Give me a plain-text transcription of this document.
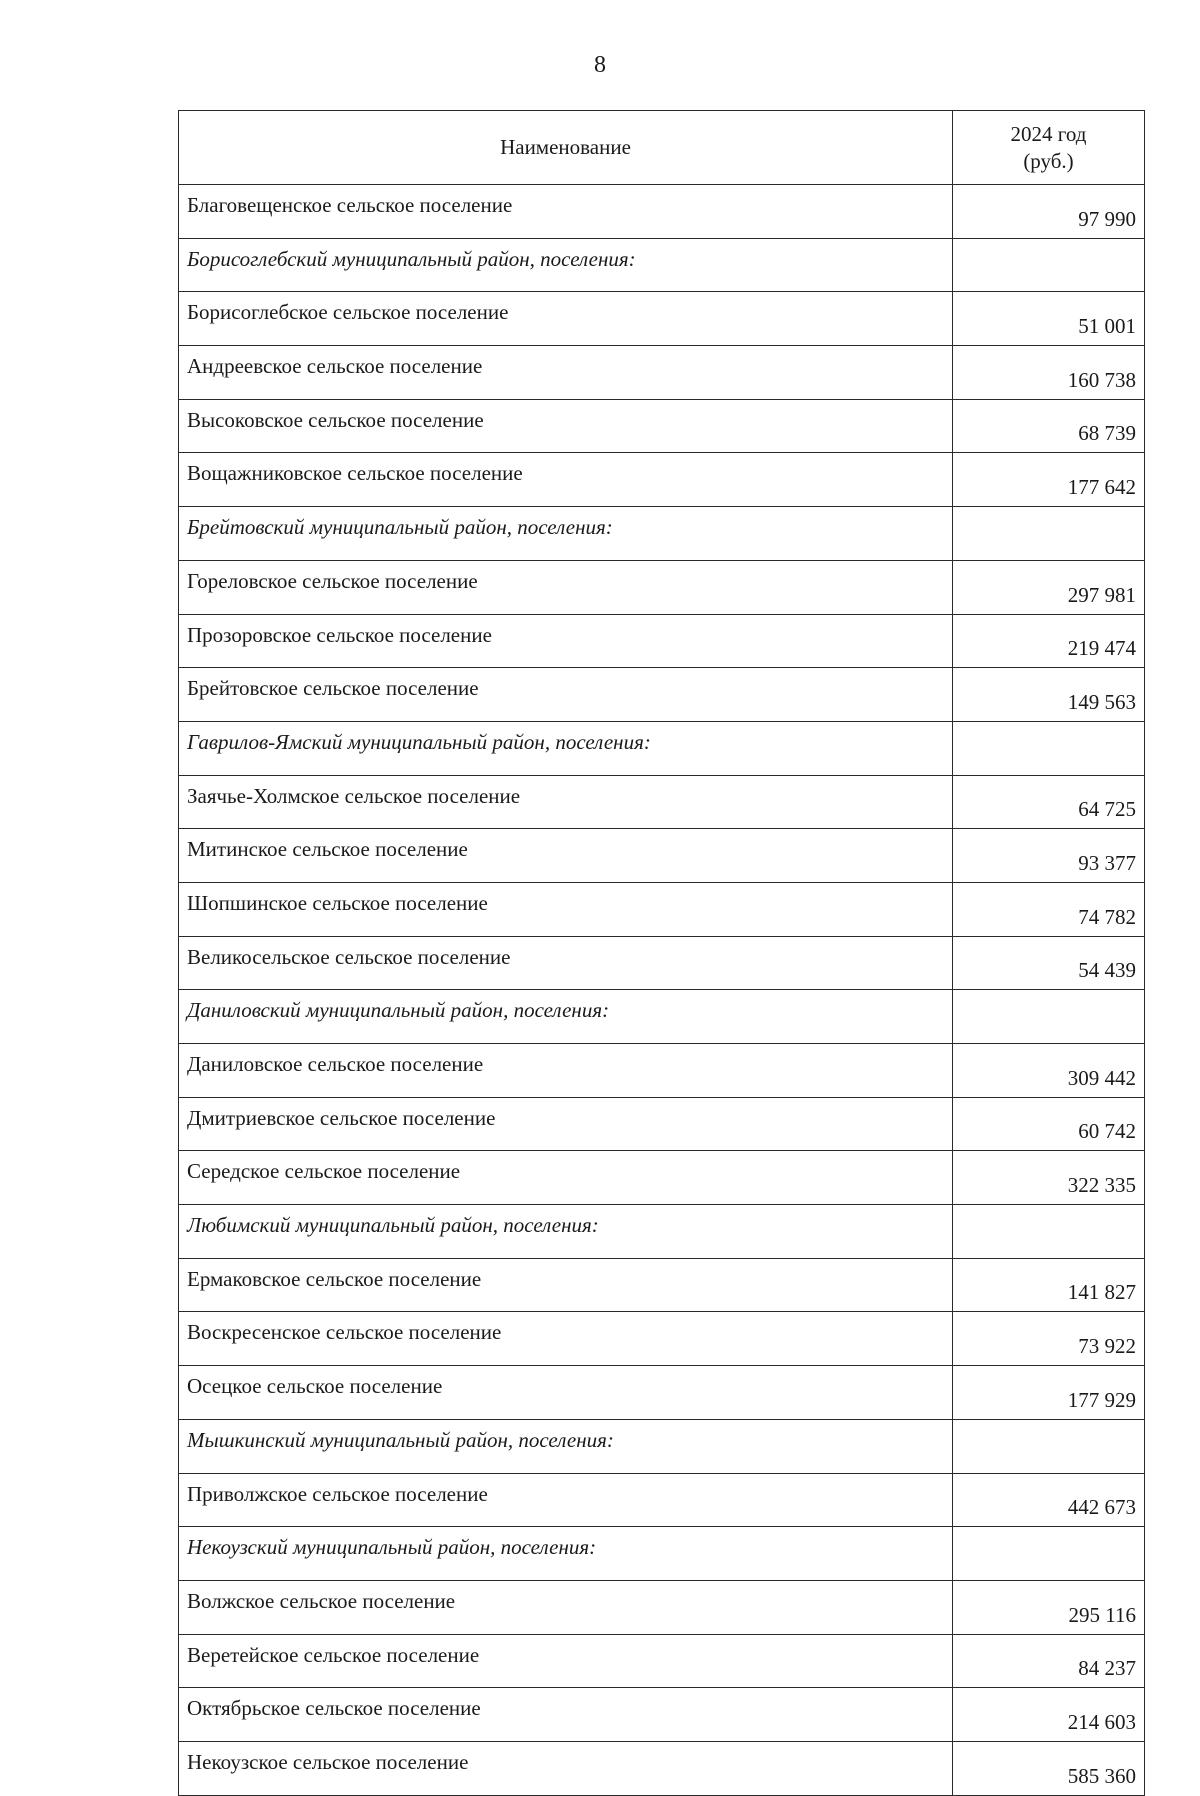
8
Наименование	2024 год
(руб.)

Благовещенское сельское поселение	97 990
Борисоглебский муниципальный район, поселения:	
Борисоглебское сельское поселение	51 001
Андреевское сельское поселение	160 738
Высоковское сельское поселение	68 739
Вощажниковское сельское поселение	177 642
Брейтовский муниципальный район, поселения:	
Гореловское сельское поселение	297 981
Прозоровское сельское поселение	219 474
Брейтовское сельское поселение	149 563
Гаврилов-Ямский муниципальный район, поселения:	
Заячье-Холмское сельское поселение	64 725
Митинское сельское поселение	93 377
Шопшинское сельское поселение	74 782
Великосельское сельское поселение	54 439
Даниловский муниципальный район, поселения:	
Даниловское сельское поселение	309 442
Дмитриевское сельское поселение	60 742
Середское сельское поселение	322 335
Любимский муниципальный район, поселения:	
Ермаковское сельское поселение	141 827
Воскресенское сельское поселение	73 922
Осецкое сельское поселение	177 929
Мышкинский муниципальный район, поселения:	
Приволжское сельское поселение	442 673
Некоузский муниципальный район, поселения:	
Волжское сельское поселение	295 116
Веретейское сельское поселение	84 237
Октябрьское сельское поселение	214 603
Некоузское сельское поселение	585 360
